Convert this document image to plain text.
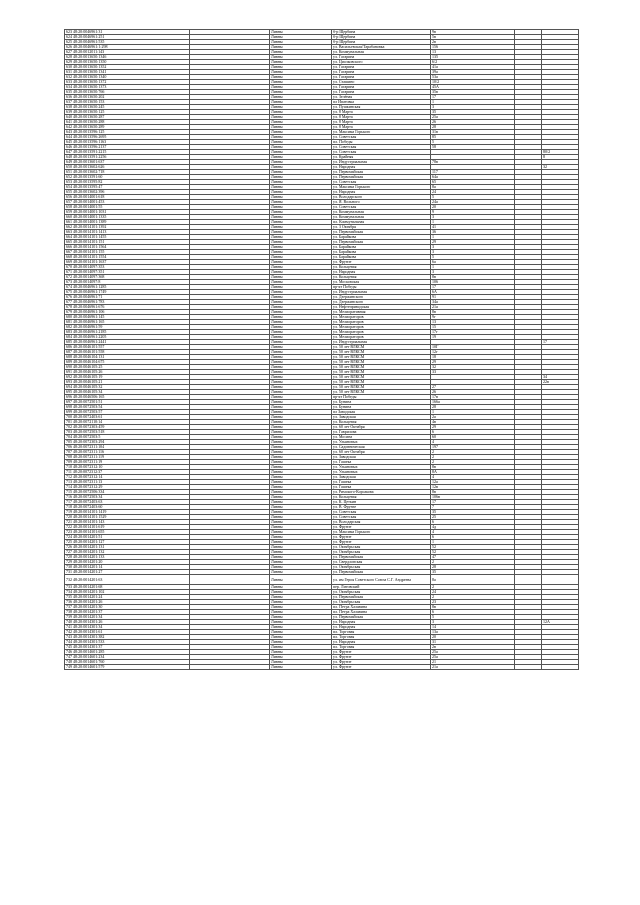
623 48:20:0046961:31		Ливны	б-р Щербина	9в		
624 48:20:0046961:251		Ливны	б-р Щербина	5в		
625 48:20:0046961:535		Ливны	б-р Щербина	2в		
626 48:20:0046961:1:298		Ливны	ул. Васильевская/Тарабановка	156		
627 48:20:0012011:143		Ливны	ул. Коммунальная	13		
628 48:20:0013650:1346		Ливны	ул. Гагарина	135		
629 48:20:0013650:1350		Ливны	ул. Циолковского	6/2		
630 48:20:0013650:1352		Ливны	ул. Гагарина	41а		
631 48:20:0013650:1341		Ливны	ул. Гагарина	39а		
632 48:20:0013650:1340		Ливны	ул. Гагарина	53а		
633 48:20:0013650:1372		Ливны	ул. Сташино	10/2		
634 48:20:0013650:1373		Ливны	ул. Гагарина	45А		
635 48:20:0013650:766		Ливны	ул. Гагарина	35в		
636 48:20:0013650:202		Ливны	ул. Зелёная	17		
637 48:20:0013650:153		Ливны	пл Ипатовка	1		
638 48:20:0013650:245		Ливны	ул. Пушкинская	3		
639 48:20:0013650:125		Ливны	ул. 8 Марта	35		
640 48:20:0013650:287		Ливны	ул. 8 Марта	25а		
641 48:20:0013650:288		Ливны	ул. 8 Марта	26		
642 48:20:0013650:289		Ливны	ул. 8 Марта	28		
643 48:20:0013596:125		Ливны	ул. Максима Горького	31в		
644 48:20:0013596:2695		Ливны	ул. Советская	85		
645 48:20:0013596:1163		Ливны	пл. Победы	5		
646 48:20:0013596:2137		Ливны	ул. Советская	58		
647 48:20:0013591:2215		Ливны	ул. Советская			80/2
648 48:20:0013591:2256		Ливны	ул. Крайняя			8
649 48:20:0013601:637		Ливны	ул. Индустриальная	78в		
650 48:20:0013602:626		Ливны	ул. Народная			32
651 48:20:0013602:718		Ливны	ул. Первомайская	117		
652 48:20:0013591:60		Ливны	ул. Первомайская	64а		
653 48:20:0013595:82		Ливны	ул. Советская	65		
654 48:20:0013595:47		Ливны	ул. Максима Горького	8а		
655 48:20:0013602:396		Ливны	ул. Народная	24		
656 48:20:0014001:618		Ливны	ул. Володарского	5		
657 48:20:0014001:453		Ливны	ул. Я. Вольного	24а		
658 48:20:0014001:55		Ливны	ул. Советская	20		
659 48:20:0014001:1031		Ливны	ул. Коммунальная	9		
660 48:20:0014001:1335		Ливны	ул. Коммунальная	3		
661 48:20:0014001:1389		Ливны	пл. Коммунальная	1		
662 48:20:0014101:1392		Ливны	ул. 3 Октября	41		
663 48:20:0014101:1413		Ливны	ул. Первомайская	36		
664 48:20:0014101:1455		Ливны	ул. Барайкова	1		
665 48:20:0014101:151		Ливны	ул. Первомайская	29		
666 48:20:0014101:1564		Ливны	ул. Барайкова	3		
667 48:20:0014101:155		Ливны	ул. Барайкова	3		
668 48:20:0014101:1554		Ливны	ул. Барайкова	5		
669 48:20:0014101:1637		Ливны	ул. Фрунзе	6а		
670 48:20:0014097:353		Ливны	ул. Кольцевая	1		
671 48:20:0014097:351		Ливны	ул. Народная	3		
672 48:20:0014097:368		Ливны	ул. Кольцевая	8в		
673 48:20:0014097:8		Ливны	ул. Московская	106		
674 48:20:0046961:1285		Ливны	пр-кт Победы	17		
675 48:20:0046961:1749		Ливны	ул. Индустриальная	6А		
676 48:20:0046961:71		Ливны	ул. Дзержинского	91		
677 48:20:0046961:783		Ливны	ул. Дзержинского	34а		
678 48:20:0046961:676		Ливны	ул. Нефтеприводская	21а		
679 48:20:0046961:106		Ливны	ул. Мелиоративная	8в		
680 48:20:0046961:145		Ливны	ул. Мелиораторов	9г		
681 48:20:0046961:165		Ливны	ул. Мелиораторов	13		
682 48:20:0046961:59		Ливны	ул. Мелиораторов	15		
683 48:20:0046961:2185		Ливны	ул. Мелиораторов	17г		
684 48:20:0046961:2205		Ливны	ул. Мелиораторов	19		
685 48:20:0046961:2441		Ливны	ул. Индустриальная			17
686 48:20:0046101:557		Ливны	ул. 50 лет ВЛКСМ	10Г		
687 48:20:0046101:558		Ливны	ул. 50 лет ВЛКСМ	12г		
688 48:20:0046104:131		Ливны	ул. 50 лет ВЛКСМ	18		
689 48:20:0046104:675		Ливны	ул. 50 лет ВЛКСМ	29		
690 48:20:0046105:25		Ливны	ул. 50 лет ВЛКСМ	32		
691 48:20:0046105:26		Ливны	ул. 50 лет ВЛКСМ	33		
692 48:20:0046105:19		Ливны	ул. 50 лет ВЛКСМ			34
693 48:20:0046105:21		Ливны	ул. 50 лет ВЛКСМ			22в
694 48:20:0046105:32		Ливны	ул. 50 лет ВЛКСМ	27		
695 48:20:0046105:34		Ливны	ул. 50 лет ВЛКСМ	26		
696 48:20:0046506:165		Ливны	пр-кт Победы	17в		
697 48:20:0072501:51		Ливны	ул. Бунина	166а		
698 48:20:0072503:54		Ливны	ул. Бунина	28		
699 48:20:0072503:57		Ливны	пл Заводская	1		
700 48:20:0072403:61		Ливны	ул. Заводская	2а		
701 48:20:0072110:14		Ливны	ул. Кольцевая	4в		
702 48:20:0072303:459		Ливны	ул. 60 лет Октября	29		
703 48:20:0072503:518		Ливны	ул. Гаврилова	6		
704 48:20:0072503:5		Ливны	ул. Мосина	60		
705 48:20:0072303:294		Ливны	ул. Ульяновых	4		
706 48:20:0072311:104		Ливны	ул. Садовническая	197		
707 48:20:0072311:116		Ливны	ул. 60 лет Октября	2		
708 48:20:0072311:119		Ливны	ул. Заводская	2		
709 48:20:0072311:19		Ливны	ул. Гашека	2		
710 48:20:0072312:10		Ливны	ул. Ульяновых	8в		
711 48:20:0072312:37		Ливны	ул. Ульяновых	8А		
712 48:20:0072312:14		Ливны	ул. Заводская	4		
713 48:20:0072311:13		Ливны	ул. Гашека	12а		
714 48:20:0072312:29		Ливны	ул. Гашека	12в		
715 48:20:0072506:334		Ливны	ул. Римского-Корсакова	8в		
716 48:20:0072503:34		Ливны	ул. Кольцевая	106в		
717 48:20:0072403:63		Ливны	ул. К. Цеткин	17		
718 48:20:0072403:60		Ливны	ул. В. Фрунзе	7		
719 48:20:0014101:1419		Ливны	ул. Советская	35		
720 48:20:0014101:1529		Ливны	ул. Советская	25		
721 48:20:0014101:143		Ливны	ул. Володарская	6		
722 48:20:0014101:619		Ливны	ул. Фрунзе	4д		
723 48:20:0014101:655		Ливны	ул. Максима Горького	4		
724 48:20:0014201:51		Ливны	ул. Фрунзе	6		
725 48:20:0014201:127		Ливны	ул. Фрунзе	1		
726 48:20:0014201:131		Ливны	ул. Октябрьская	52		
727 48:20:0014201:132		Ливны	ул. Октябрьская	52		
728 48:20:0014201:133		Ливны	ул. Первомайская	47		
729 48:20:0014201:20		Ливны	ул. Свердловская	2		
730 48:20:0014201:14		Ливны	ул. Октябрьская	28		
731 48:20:0014201:27		Ливны	ул. Первомайская	35		
732 48:20:0014201:63		Ливны	ул. им Героя Советского Союза С.Г. Андреева	8а		
733 48:20:0014201:68		Ливны	пер. Литовский	2		
734 48:20:0014201:102		Ливны	ул. Октябрьская	24		
735 48:20:0014201:24		Ливны	ул. Первомайская	2		
736 48:20:0014201:26		Ливны	ул. Октябрьская	23		
737 48:20:0014201:30		Ливны	пл. Петра Халявина	8в		
738 48:20:0014201:37		Ливны	пл. Петра Халявина	6		
739 48:20:0014201:34		Ливны	ул. Первомайская	5		
740 48:20:0014301:26		Ливны	ул. Народная	3		12А
741 48:20:0014301:34		Ливны	ул. Народная	14		
742 48:20:0014301:61		Ливны	пл. Торговая	13а		
743 48:20:0014301:382		Ливны	пл. Торговая	20		
744 48:20:0014301:533		Ливны	ул. Народная	31		
745 48:20:0014301:37		Ливны	пл. Торговая	2в		
746 48:20:0014601:285		Ливны	ул. Фрунзе	25а		
747 48:20:0014601:234		Ливны	ул. Фрунзе	25а		
748 48:20:0014601:760		Ливны	ул. Фрунзе	21		
749 48:20:0014601:579		Ливны	ул. Фрунзе	21а		
